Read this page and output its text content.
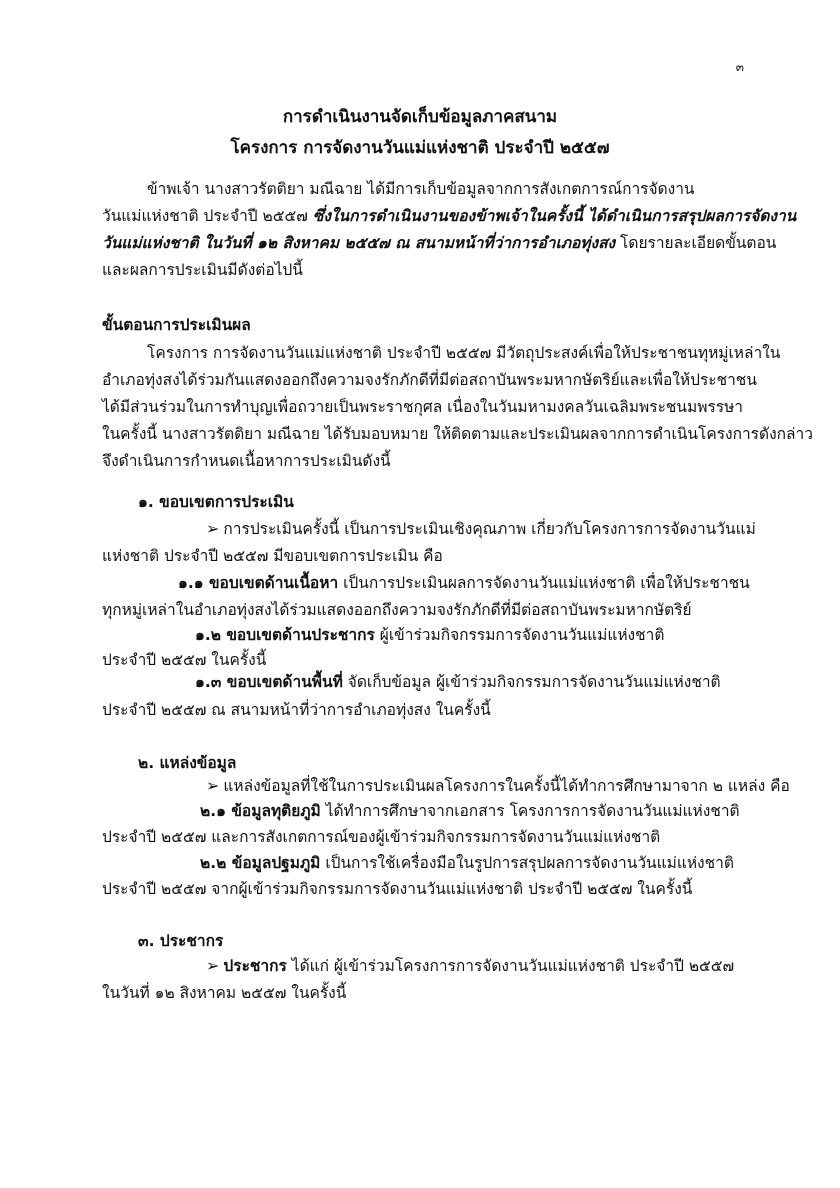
๓
การดำเนินงานจัดเก็บข้อมูลภาคสนาม
โครงการ การจัดงานวันแม่แห่งชาติ ประจำปี ๒๕๕๗
ข้าพเจ้า นางสาวรัตติยา มณีฉาย ได้มีการเก็บข้อมูลจากการสังเกตการณ์การจัดงาน
วันแม่แห่งชาติ ประจำปี ๒๕๕๗ ซึ่งในการดำเนินงานของข้าพเจ้าในครั้งนี้ ได้ดำเนินการสรุปผลการจัดงาน
วันแม่แห่งชาติ ในวันที่ ๑๒ สิงหาคม ๒๕๕๗ ณ สนามหน้าที่ว่าการอำเภอทุ่งสง โดยรายละเอียดขั้นตอน
และผลการประเมินมีดังต่อไปนี้
ขั้นตอนการประเมินผล
โครงการ การจัดงานวันแม่แห่งชาติ ประจำปี ๒๕๕๗ มีวัตถุประสงค์เพื่อให้ประชาชนทุหมู่เหล่าใน
อำเภอทุ่งสงได้ร่วมกันแสดงออกถึงความจงรักภักดีที่มีต่อสถาบันพระมหากษัตริย์และเพื่อให้ประชาชน
ได้มีส่วนร่วมในการทำบุญเพื่อถวายเป็นพระราชกุศล เนื่องในวันมหามงคลวันเฉลิมพระชนมพรรษา
ในครั้งนี้ นางสาวรัตติยา มณีฉาย ได้รับมอบหมาย ให้ติดตามและประเมินผลจากการดำเนินโครงการดังกล่าว
จึงดำเนินการกำหนดเนื้อหาการประเมินดังนี้
๑. ขอบเขตการประเมิน
➢ การประเมินครั้งนี้ เป็นการประเมินเชิงคุณภาพ เกี่ยวกับโครงการการจัดงานวันแม่
แห่งชาติ ประจำปี ๒๕๕๗ มีขอบเขตการประเมิน คือ
๑.๑ ขอบเขตด้านเนื้อหา เป็นการประเมินผลการจัดงานวันแม่แห่งชาติ เพื่อให้ประชาชน
ทุกหมู่เหล่าในอำเภอทุ่งสงได้ร่วมแสดงออกถึงความจงรักภักดีที่มีต่อสถาบันพระมหากษัตริย์
๑.๒ ขอบเขตด้านประชากร ผู้เข้าร่วมกิจกรรมการจัดงานวันแม่แห่งชาติ
ประจำปี ๒๕๕๗ ในครั้งนี้
๑.๓ ขอบเขตด้านพื้นที่ จัดเก็บข้อมูล ผู้เข้าร่วมกิจกรรมการจัดงานวันแม่แห่งชาติ
ประจำปี ๒๕๕๗ ณ สนามหน้าที่ว่าการอำเภอทุ่งสง ในครั้งนี้
๒. แหล่งข้อมูล
➢ แหล่งข้อมูลที่ใช้ในการประเมินผลโครงการในครั้งนี้ได้ทำการศึกษามาจาก ๒ แหล่ง คือ
๒.๑ ข้อมูลทุติยภูมิ ได้ทำการศึกษาจากเอกสาร โครงการการจัดงานวันแม่แห่งชาติ
ประจำปี ๒๕๕๗ และการสังเกตการณ์ของผู้เข้าร่วมกิจกรรมการจัดงานวันแม่แห่งชาติ
๒.๒ ข้อมูลปฐมภูมิ เป็นการใช้เครื่องมือในรูปการสรุปผลการจัดงานวันแม่แห่งชาติ
ประจำปี ๒๕๕๗ จากผู้เข้าร่วมกิจกรรมการจัดงานวันแม่แห่งชาติ ประจำปี ๒๕๕๗ ในครั้งนี้
๓. ประชากร
➢ ประชากร ได้แก่ ผู้เข้าร่วมโครงการการจัดงานวันแม่แห่งชาติ ประจำปี ๒๕๕๗
ในวันที่ ๑๒ สิงหาคม ๒๕๕๗ ในครั้งนี้
